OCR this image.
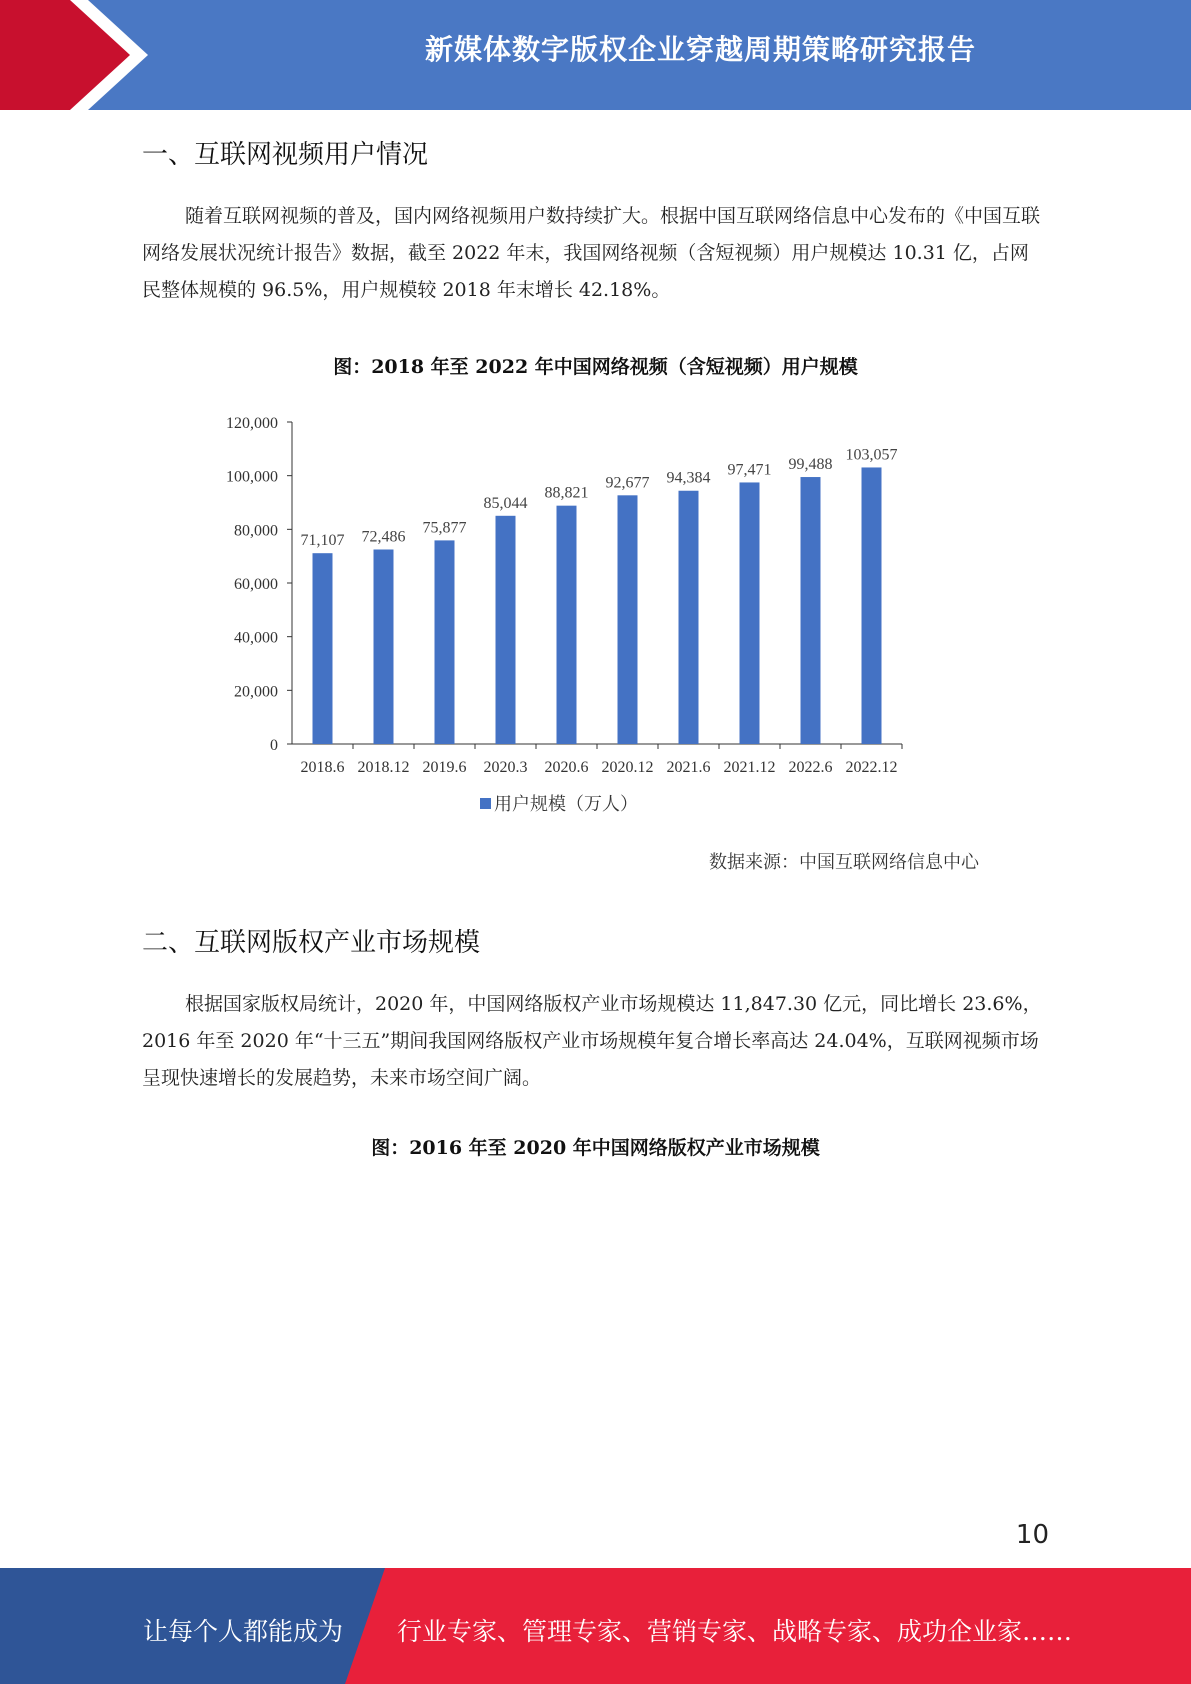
新媒体数字版权企业穿越周期策略研究报告
一、互联网视频用户情况

随着互联网视频的普及，国内网络视频用户数持续扩大。根据中国互联网络信息中心发布的《中国互联网络发展状况统计报告》数据，截至 2022 年末，我国网络视频（含短视频）用户规模达 10.31 亿，占网民整体规模的 96.5%，用户规模较 2018 年末增长 42.18%。

图：2018 年至 2022 年中国网络视频（含短视频）用户规模
0
20,000
40,000
60,000
80,000
100,000
120,000
2018.6 2018.12 2019.6 2020.3 2020.6 2020.12 2021.6 2021.12 2022.6 2022.12
71,107 72,486
75,877
85,044
88,821
92,677 94,384 97,471 99,488
103,057
用户规模（万人）
数据来源：中国互联网络信息中心
二、互联网版权产业市场规模

根据国家版权局统计，2020 年，中国网络版权产业市场规模达 11,847.30 亿元，同比增长 23.6%，2016 年至 2020 年“十三五”期间我国网络版权产业市场规模年复合增长率高达 24.04%，互联网视频市场呈现快速增长的发展趋势，未来市场空间广阔。

图：2016 年至 2020 年中国网络版权产业市场规模
10
让每个人都能成为 行业专家、管理专家、营销专家、战略专家、成功企业家……
